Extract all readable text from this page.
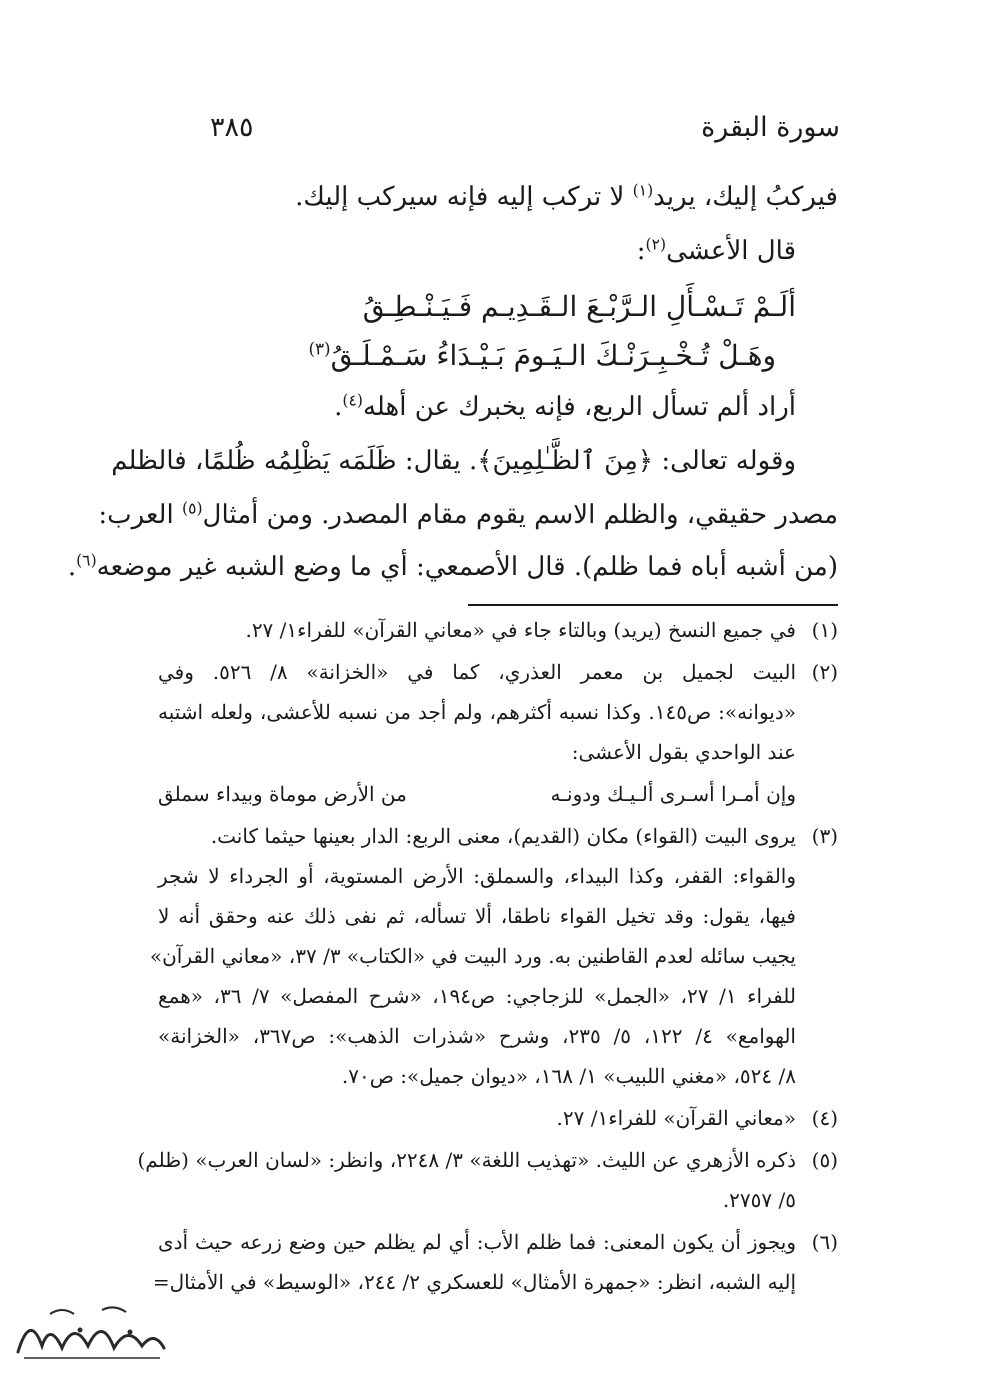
سورة البقرة
٣٨٥
فيركبُ إليك، يريد$^{(١)}$ لا تركب إليه فإنه سيركب إليك.
قال الأعشى$^{(٢)}$:
ألَـمْ تَـسْـأَلِ الـرَّبْـعَ الـقَـدِيـم فَـيَـنْـطِـقُ
وهَـلْ تُـخْـبِـرَنْـكَ الـيَـومَ بَـيْـدَاءُ سَـمْـلَـقُ$^{(٣)}$
أراد ألم تسأل الربع، فإنه يخبرك عن أهله$^{(٤)}$.
وقوله تعالى: ﴿مِنَ ٱلظَّـٰلِمِينَ﴾. يقال: ظَلَمَه يَظْلِمُه ظُلمًا، فالظلم
مصدر حقيقي، والظلم الاسم يقوم مقام المصدر. ومن أمثال$^{(٥)}$ العرب:
(من أشبه أباه فما ظلم). قال الأصمعي: أي ما وضع الشبه غير موضعه$^{(٦)}$.
(١)
في جميع النسخ (يريد) وبالتاء جاء في «معاني القرآن» للفراء١/ ٢٧.
(٢)
البيت لجميل بن معمر العذري، كما في «الخزانة» ٨/ ٥٢٦. وفي
«ديوانه»: ص١٤٥. وكذا نسبه أكثرهم، ولم أجد من نسبه للأعشى، ولعله اشتبه
عند الواحدي بقول الأعشى:
وإن أمـرا أسـرى ألـيـك ودونـه
من الأرض موماة وبيداء سملق
(٣)
يروى البيت (القواء) مكان (القديم)، معنى الربع: الدار بعينها حيثما كانت.
والقواء: القفر، وكذا البيداء، والسملق: الأرض المستوية، أو الجرداء لا شجر
فيها، يقول: وقد تخيل القواء ناطقا، ألا تسأله، ثم نفى ذلك عنه وحقق أنه لا
يجيب سائله لعدم القاطنين به. ورد البيت في «الكتاب» ٣/ ٣٧، «معاني القرآن»
للفراء ١/ ٢٧، «الجمل» للزجاجي: ص١٩٤، «شرح المفصل» ٧/ ٣٦، «همع
الهوامع» ٤/ ١٢٢، ٥/ ٢٣٥، وشرح «شذرات الذهب»: ص٣٦٧، «الخزانة»
٨/ ٥٢٤، «مغني اللبيب» ١/ ١٦٨، «ديوان جميل»: ص٧٠.
(٤)
«معاني القرآن» للفراء١/ ٢٧.
(٥)
ذكره الأزهري عن الليث. «تهذيب اللغة» ٣/ ٢٢٤٨، وانظر: «لسان العرب» (ظلم)
٥/ ٢٧٥٧.
(٦)
ويجوز أن يكون المعنى: فما ظلم الأب: أي لم يظلم حين وضع زرعه حيث أدى
إليه الشبه، انظر: «جمهرة الأمثال» للعسكري ٢/ ٢٤٤، «الوسيط» في الأمثال=
